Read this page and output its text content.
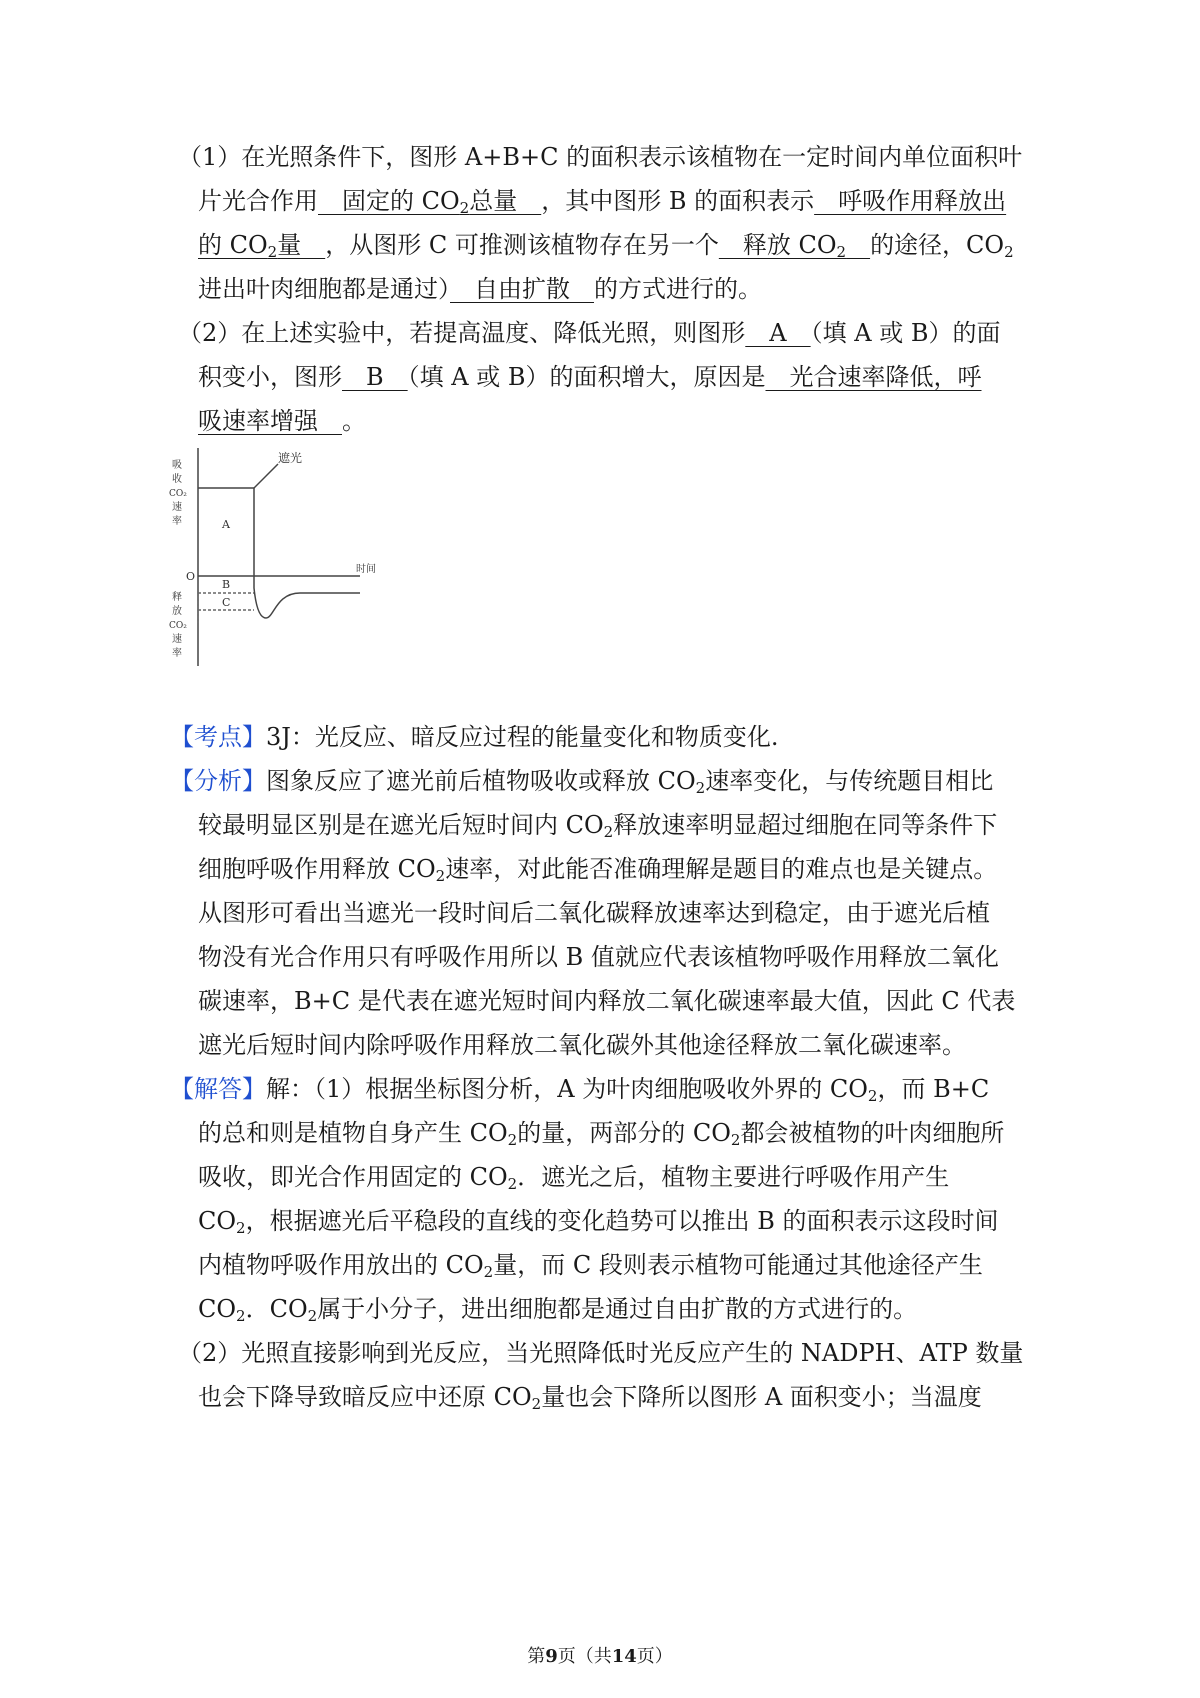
（1）在光照条件下，图形 A+B+C 的面积表示该植物在一定时间内单位面积叶
片光合作用　固定的 $CO_2$总量　，其中图形 B 的面积表示　呼吸作用释放出
的 $CO_2$量　，从图形 C 可推测该植物存在另一个　释放 $CO_2$　 的途径，$CO_2$
进出叶肉细胞都是通过）　自由扩散　的方式进行的。
（2）在上述实验中，若提高温度、降低光照，则图形　A　（填 A 或 B）的面
积变小，图形　B　（填 A 或 B）的面积增大，原因是　光合速率降低，呼
吸速率增强　。
遮光
A
B
C
O
时间
吸
收
CO₂
速
率
释
放
CO₂
速
率
【考点】3J：光反应、暗反应过程的能量变化和物质变化.
【分析】图象反应了遮光前后植物吸收或释放 $CO_2$速率变化，与传统题目相比
较最明显区别是在遮光后短时间内 $CO_2$释放速率明显超过细胞在同等条件下
细胞呼吸作用释放 $CO_2$速率，对此能否准确理解是题目的难点也是关键点。
从图形可看出当遮光一段时间后二氧化碳释放速率达到稳定，由于遮光后植
物没有光合作用只有呼吸作用所以 B 值就应代表该植物呼吸作用释放二氧化
碳速率，B+C 是代表在遮光短时间内释放二氧化碳速率最大值，因此 C 代表
遮光后短时间内除呼吸作用释放二氧化碳外其他途径释放二氧化碳速率。
【解答】解：（1）根据坐标图分析，A 为叶肉细胞吸收外界的 $CO_2$，而 B+C
的总和则是植物自身产生 $CO_2$的量，两部分的 $CO_2$都会被植物的叶肉细胞所
吸收，即光合作用固定的 $CO_2$．遮光之后，植物主要进行呼吸作用产生
$CO_2$，根据遮光后平稳段的直线的变化趋势可以推出 B 的面积表示这段时间
内植物呼吸作用放出的 $CO_2$量，而 C 段则表示植物可能通过其他途径产生
$CO_2$．$CO_2$属于小分子，进出细胞都是通过自由扩散的方式进行的。
（2）光照直接影响到光反应，当光照降低时光反应产生的 NADPH、ATP 数量
也会下降导致暗反应中还原 $CO_2$量也会下降所以图形 A 面积变小；当温度
第9页（共14页）
